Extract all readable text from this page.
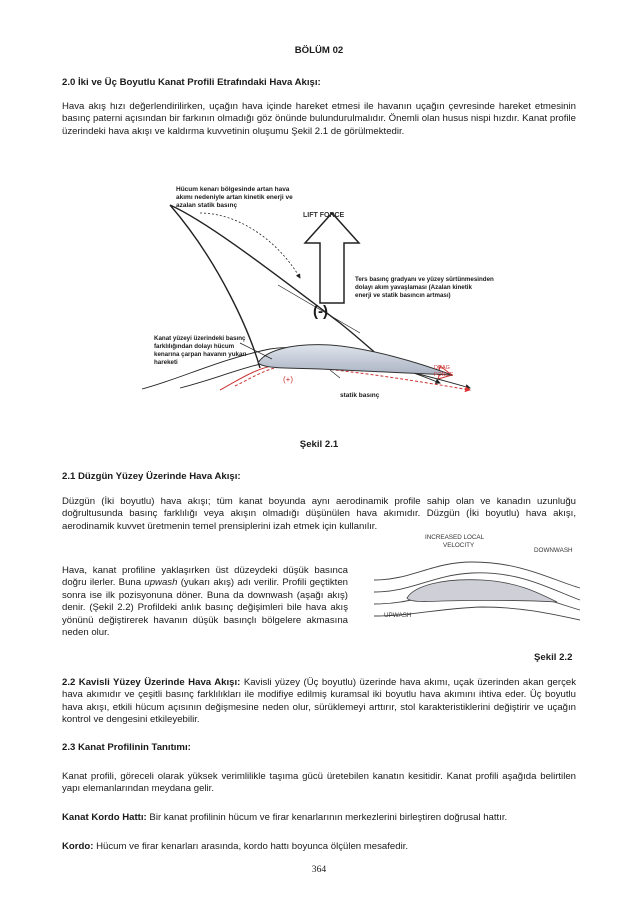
BÖLÜM 02
2.0 İki ve Üç Boyutlu Kanat Profili Etrafındaki Hava Akışı:

Hava akış hızı değerlendirilirken, uçağın hava içinde hareket etmesi ile havanın uçağın çevresinde hareket etmesinin basınç paterni açısından bir farkının olmadığı göz önünde bulundurulmalıdır. Önemli olan husus nispi hızdır. Kanat profile üzerindeki hava akışı ve kaldırma kuvvetinin oluşumu Şekil 2.1 de görülmektedir.

Hücum kenarı bölgesinde artan hava
akımı nedeniyle artan kinetik enerji ve
azalan statik basınç
LIFT FORCE
Ters basınç gradyanı ve yüzey sürtünmesinden
dolayı akım yavaşlaması (Azalan kinetik
enerji ve statik basıncın artması)
(-)
Kanat yüzeyi üzerindeki basınç
farklılığından dolayı hücum
kenarına çarpan havanın yukarı
hareketi
(+)
DRAG
FORCE
statik basınç
Şekil 2.1
2.1 Düzgün Yüzey Üzerinde Hava Akışı:

Düzgün (İki boyutlu) hava akışı; tüm kanat boyunda aynı aerodinamik profile sahip olan ve kanadın uzunluğu doğrultusunda basınç farklılığı veya akışın olmadığı düşünülen hava akımıdır. Düzgün (İki boyutlu) hava akışı, aerodinamik kuvvet üretmenin temel prensiplerini izah etmek için kullanılır.

Hava, kanat profiline yaklaşırken üst düzeydeki düşük basınca doğru ilerler. Buna upwash (yukarı akış) adı verilir. Profili geçtikten sonra ise ilk pozisyonuna döner. Buna da downwash (aşağı akış) denir. (Şekil 2.2) Profildeki anlık basınç değişimleri bile hava akış yönünü değiştirerek havanın düşük basınçlı bölgelere akmasına neden olur.

INCREASED LOCAL
VELOCITY
DOWNWASH
UPWASH
Şekil 2.2

2.2 Kavisli Yüzey Üzerinde Hava Akışı: Kavisli yüzey (Üç boyutlu) üzerinde hava akımı, uçak üzerinden akan gerçek hava akımıdır ve çeşitli basınç farklılıkları ile modifiye edilmiş kuramsal iki boyutlu hava akımını ihtiva eder. Üç boyutlu hava akışı, etkili hücum açısının değişmesine neden olur, sürüklemeyi arttırır, stol karakteristiklerini değiştirir ve uçağın kontrol ve dengesini etkileyebilir.

2.3 Kanat Profilinin Tanıtımı:

Kanat profili, göreceli olarak yüksek verimlilikle taşıma gücü üretebilen kanatın kesitidir. Kanat profili aşağıda belirtilen yapı elemanlarından meydana gelir.

Kanat Kordo Hattı: Bir kanat profilinin hücum ve firar kenarlarının merkezlerini birleştiren doğrusal hattır.

Kordo: Hücum ve firar kenarları arasında, kordo hattı boyunca ölçülen mesafedir.

364
